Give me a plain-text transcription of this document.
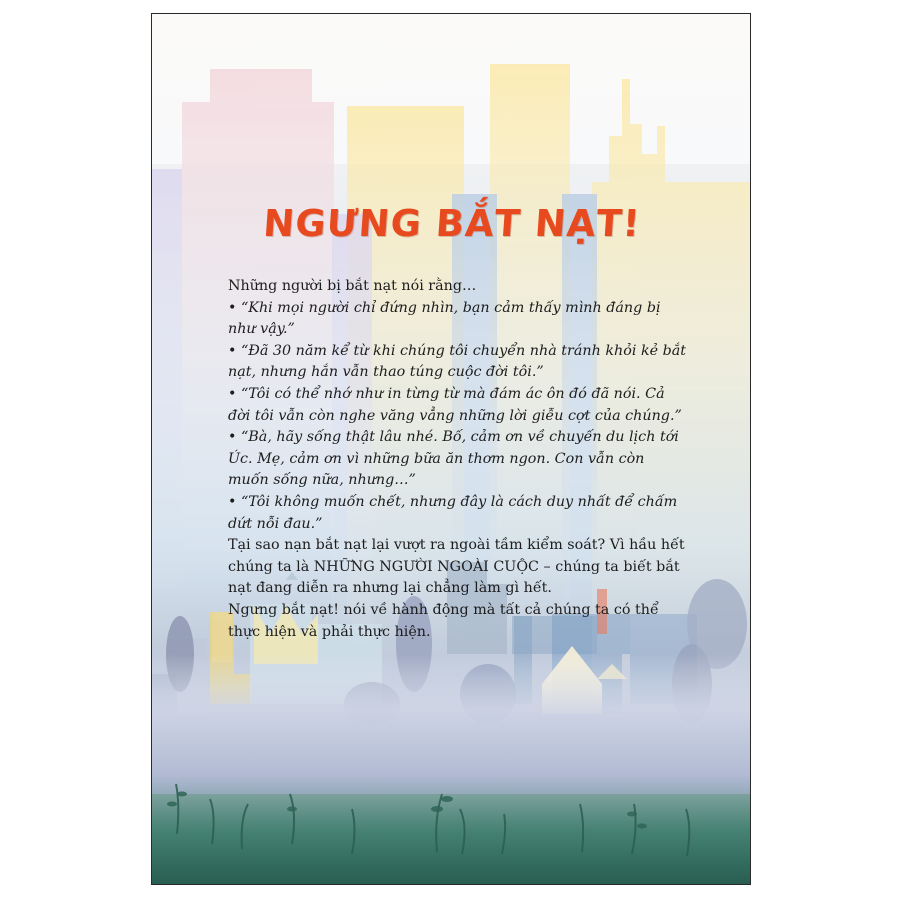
NGƯNG BẮT NẠT!
Những người bị bắt nạt nói rằng…
• “Khi mọi người chỉ đứng nhìn, bạn cảm thấy mình đáng bị như vậy.”
• “Đã 30 năm kể từ khi chúng tôi chuyển nhà tránh khỏi kẻ bắt nạt, nhưng hắn vẫn thao túng cuộc đời tôi.”
• “Tôi có thể nhớ như in từng từ mà đám ác ôn đó đã nói. Cả đời tôi vẫn còn nghe văng vẳng những lời giễu cợt của chúng.”
• “Bà, hãy sống thật lâu nhé. Bố, cảm ơn về chuyến du lịch tới Úc. Mẹ, cảm ơn vì những bữa ăn thơm ngon. Con vẫn còn muốn sống nữa, nhưng…”
• “Tôi không muốn chết, nhưng đây là cách duy nhất để chấm dứt nỗi đau.”
Tại sao nạn bắt nạt lại vượt ra ngoài tầm kiểm soát? Vì hầu hết chúng ta là NHỮNG NGƯỜI NGOÀI CUỘC – chúng ta biết bắt nạt đang diễn ra nhưng lại chẳng làm gì hết.
Ngưng bắt nạt! nói về hành động mà tất cả chúng ta có thể thực hiện và phải thực hiện.
